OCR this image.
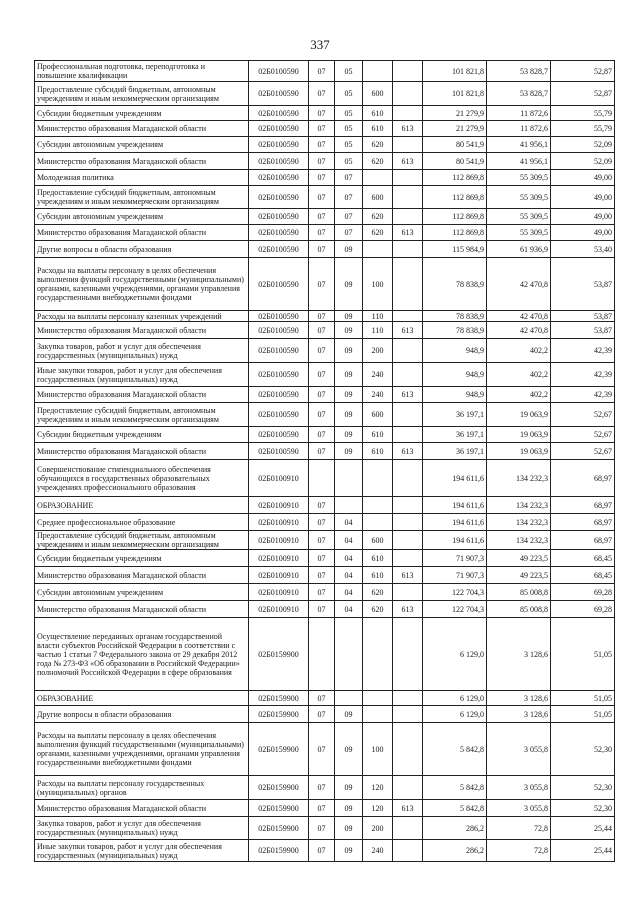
337
Профессиональная подготовка, переподготовка и повышение квалификации	02Б0100590	07	05			101 821,8	53 828,7	52,87
Предоставление субсидий бюджетным, автономным учреждениям и иным некоммерческим организациям	02Б0100590	07	05	600		101 821,8	53 828,7	52,87
Субсидии бюджетным учреждениям	02Б0100590	07	05	610		21 279,9	11 872,6	55,79
Министерство образования Магаданской области	02Б0100590	07	05	610	613	21 279,9	11 872,6	55,79
Субсидии автономным учреждениям	02Б0100590	07	05	620		80 541,9	41 956,1	52,09
Министерство образования Магаданской области	02Б0100590	07	05	620	613	80 541,9	41 956,1	52,09
Молодежная политика	02Б0100590	07	07			112 869,8	55 309,5	49,00
Предоставление субсидий бюджетным, автономным учреждениям и иным некоммерческим организациям	02Б0100590	07	07	600		112 869,8	55 309,5	49,00
Субсидии автономным учреждениям	02Б0100590	07	07	620		112 869,8	55 309,5	49,00
Министерство образования Магаданской области	02Б0100590	07	07	620	613	112 869,8	55 309,5	49,00
Другие вопросы в области образования	02Б0100590	07	09			115 984,9	61 936,9	53,40
Расходы на выплаты персоналу в целях обеспечения выполнения функций государственными (муниципальными) органами, казенными учреждениями, органами управления государственными внебюджетными фондами	02Б0100590	07	09	100		78 838,9	42 470,8	53,87
Расходы на выплаты персоналу казенных учреждений	02Б0100590	07	09	110		78 838,9	42 470,8	53,87
Министерство образования Магаданской области	02Б0100590	07	09	110	613	78 838,9	42 470,8	53,87
Закупка товаров, работ и услуг для обеспечения государственных (муниципальных) нужд	02Б0100590	07	09	200		948,9	402,2	42,39
Иные закупки товаров, работ и услуг для обеспечения государственных (муниципальных) нужд	02Б0100590	07	09	240		948,9	402,2	42,39
Министерство образования Магаданской области	02Б0100590	07	09	240	613	948,9	402,2	42,39
Предоставление субсидий бюджетным, автономным учреждениям и иным некоммерческим организациям	02Б0100590	07	09	600		36 197,1	19 063,9	52,67
Субсидии бюджетным учреждениям	02Б0100590	07	09	610		36 197,1	19 063,9	52,67
Министерство образования Магаданской области	02Б0100590	07	09	610	613	36 197,1	19 063,9	52,67
Совершенствование стипендиального обеспечения обучающихся в государственных образовательных учреждениях профессионального образования	02Б0100910					194 611,6	134 232,3	68,97
ОБРАЗОВАНИЕ	02Б0100910	07				194 611,6	134 232,3	68,97
Среднее профессиональное образование	02Б0100910	07	04			194 611,6	134 232,3	68,97
Предоставление субсидий бюджетным, автономным учреждениям и иным некоммерческим организациям	02Б0100910	07	04	600		194 611,6	134 232,3	68,97
Субсидии бюджетным учреждениям	02Б0100910	07	04	610		71 907,3	49 223,5	68,45
Министерство образования Магаданской области	02Б0100910	07	04	610	613	71 907,3	49 223,5	68,45
Субсидии автономным учреждениям	02Б0100910	07	04	620		122 704,3	85 008,8	69,28
Министерство образования Магаданской области	02Б0100910	07	04	620	613	122 704,3	85 008,8	69,28
Осуществление переданных органам государственной власти субъектов Российской Федерации в соответствии с частью 1 статьи 7 Федерального закона от 29 декабря 2012 года № 273-ФЗ «Об образовании в Российской Федерации» полномочий Российской Федерации в сфере образования	02Б0159900					6 129,0	3 128,6	51,05
ОБРАЗОВАНИЕ	02Б0159900	07				6 129,0	3 128,6	51,05
Другие вопросы в области образования	02Б0159900	07	09			6 129,0	3 128,6	51,05
Расходы на выплаты персоналу в целях обеспечения выполнения функций государственными (муниципальными) органами, казенными учреждениями, органами управления государственными внебюджетными фондами	02Б0159900	07	09	100		5 842,8	3 055,8	52,30
Расходы на выплаты персоналу государственных (муниципальных) органов	02Б0159900	07	09	120		5 842,8	3 055,8	52,30
Министерство образования Магаданской области	02Б0159900	07	09	120	613	5 842,8	3 055,8	52,30
Закупка товаров, работ и услуг для обеспечения государственных (муниципальных) нужд	02Б0159900	07	09	200		286,2	72,8	25,44
Иные закупки товаров, работ и услуг для обеспечения государственных (муниципальных) нужд	02Б0159900	07	09	240		286,2	72,8	25,44
